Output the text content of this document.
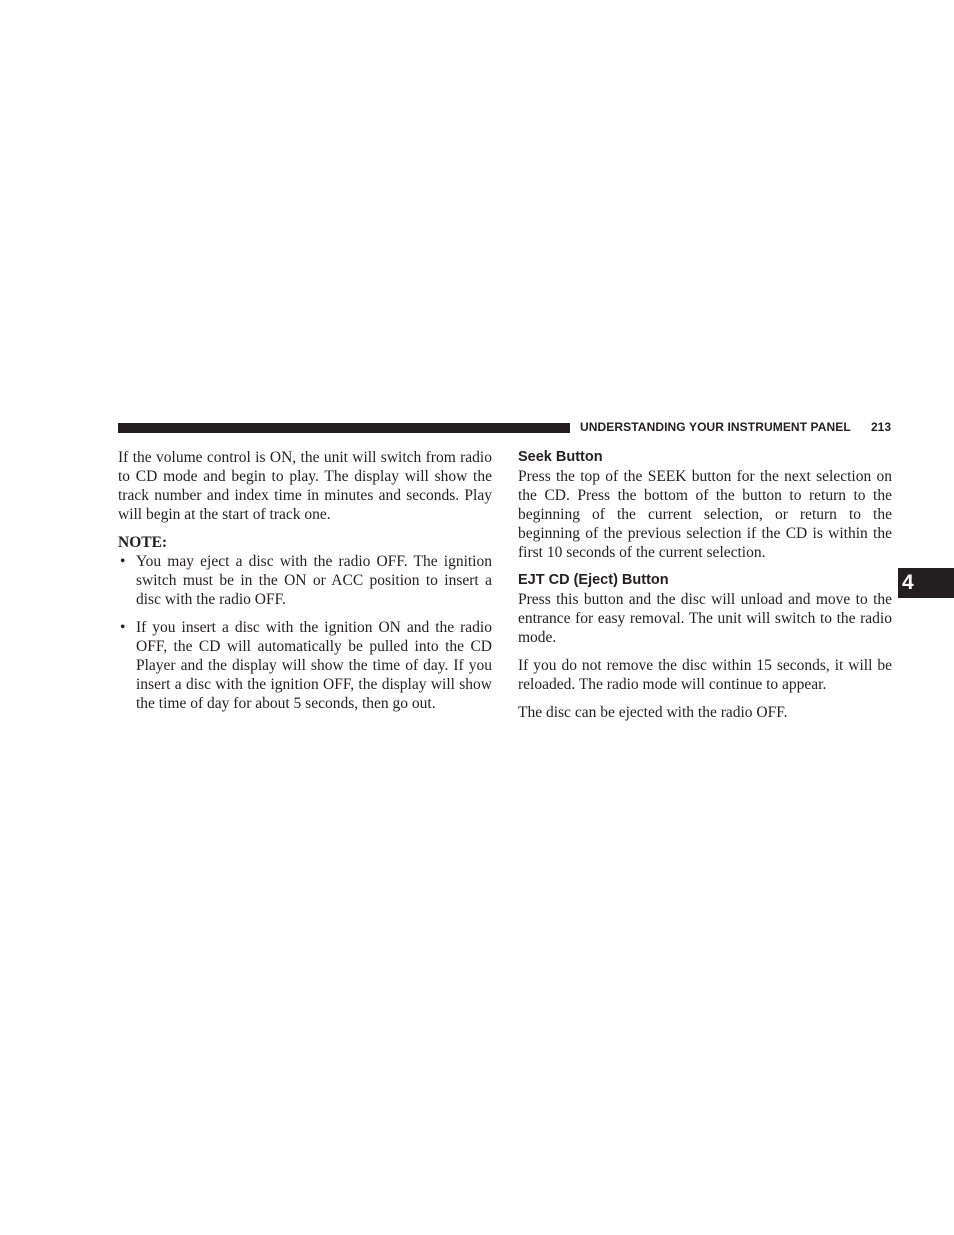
UNDERSTANDING YOUR INSTRUMENT PANEL 213
4

If the volume control is ON, the unit will switch from radio to CD mode and begin to play. The display will show the track number and index time in minutes and seconds. Play will begin at the start of track one.

NOTE:

• You may eject a disc with the radio OFF. The ignition switch must be in the ON or ACC position to insert a disc with the radio OFF.
• If you insert a disc with the ignition ON and the radio OFF, the CD will automatically be pulled into the CD Player and the display will show the time of day. If you insert a disc with the ignition OFF, the display will show the time of day for about 5 seconds, then go out.

Seek Button

Press the top of the SEEK button for the next selection on the CD. Press the bottom of the button to return to the beginning of the current selection, or return to the beginning of the previous selection if the CD is within the first 10 seconds of the current selection.

EJT CD (Eject) Button

Press this button and the disc will unload and move to the entrance for easy removal. The unit will switch to the radio mode.

If you do not remove the disc within 15 seconds, it will be reloaded. The radio mode will continue to appear.

The disc can be ejected with the radio OFF.
